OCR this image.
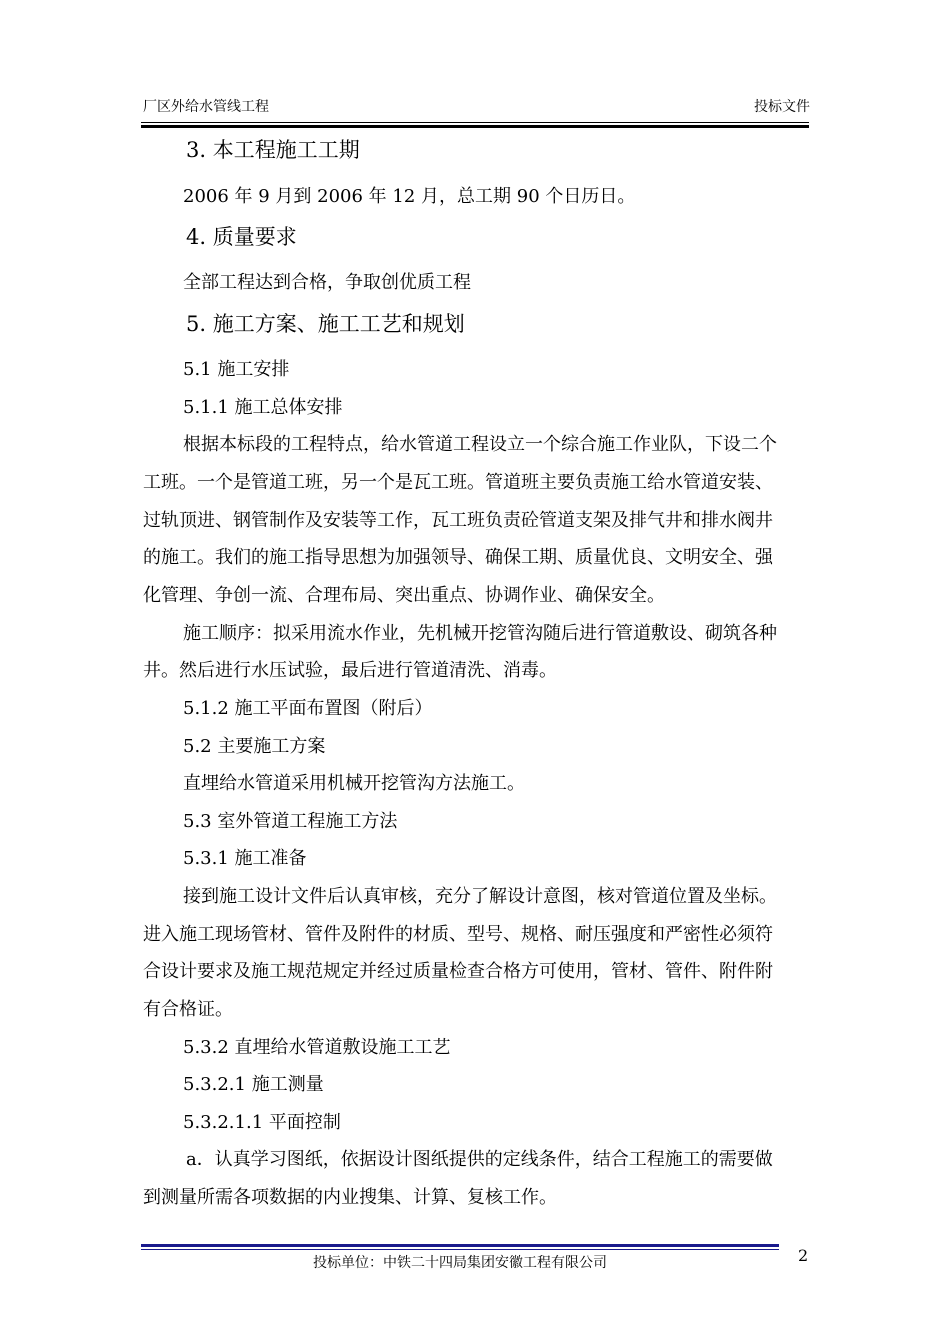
厂区外给水管线工程	投标文件
3. 本工程施工工期
2006 年 9 月到 2006 年 12 月，总工期 90 个日历日。
4. 质量要求
全部工程达到合格，争取创优质工程
5. 施工方案、施工工艺和规划
5.1 施工安排
5.1.1 施工总体安排
根据本标段的工程特点，给水管道工程设立一个综合施工作业队，下设二个
工班。一个是管道工班，另一个是瓦工班。管道班主要负责施工给水管道安装、
过轨顶进、钢管制作及安装等工作，瓦工班负责砼管道支架及排气井和排水阀井
的施工。我们的施工指导思想为加强领导、确保工期、质量优良、文明安全、强
化管理、争创一流、合理布局、突出重点、协调作业、确保安全。
施工顺序：拟采用流水作业，先机械开挖管沟随后进行管道敷设、砌筑各种
井。然后进行水压试验，最后进行管道清洗、消毒。
5.1.2 施工平面布置图（附后）
5.2 主要施工方案
直埋给水管道采用机械开挖管沟方法施工。
5.3 室外管道工程施工方法
5.3.1 施工准备
接到施工设计文件后认真审核，充分了解设计意图，核对管道位置及坐标。
进入施工现场管材、管件及附件的材质、型号、规格、耐压强度和严密性必须符
合设计要求及施工规范规定并经过质量检查合格方可使用，管材、管件、附件附
有合格证。
5.3.2 直埋给水管道敷设施工工艺
5.3.2.1 施工测量
5.3.2.1.1 平面控制
a．认真学习图纸，依据设计图纸提供的定线条件，结合工程施工的需要做
到测量所需各项数据的内业搜集、计算、复核工作。
投标单位：中铁二十四局集团安徽工程有限公司	2
